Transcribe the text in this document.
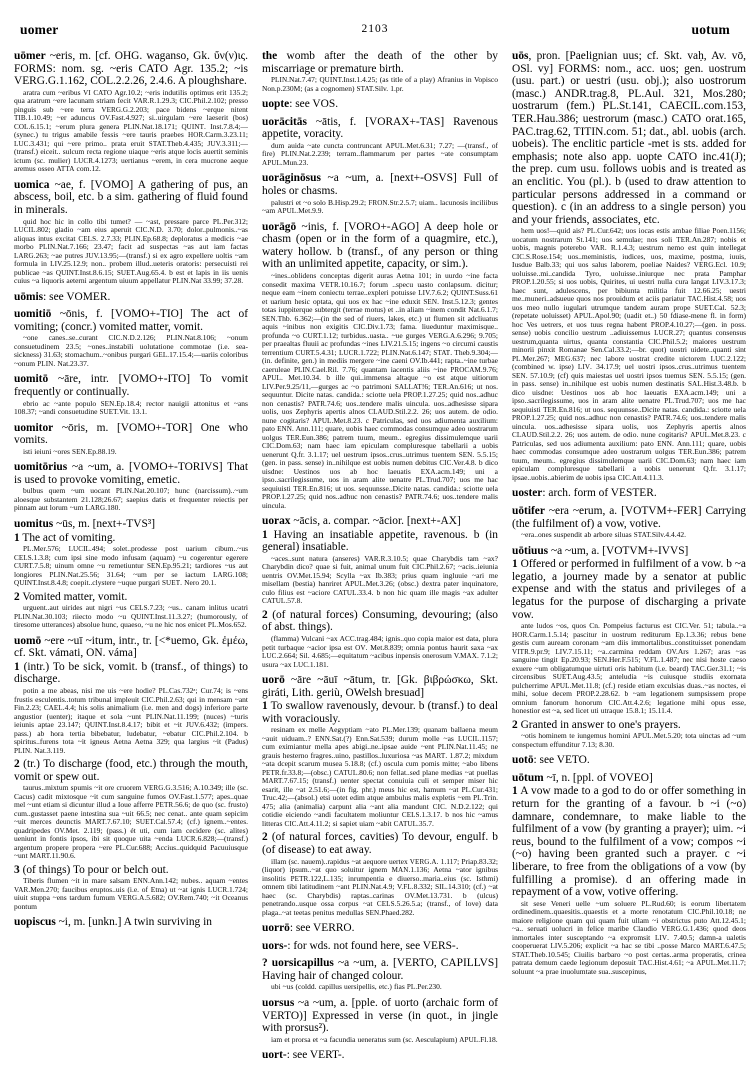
uomer	2103	uotum

uōmer ~eris, m. [cf. OHG. waganso, Gk. ὔν(ν)ις. FORMS: nom. sg. ~eris CATO Agr. 135.2; ~is VERG.G.1.162, COL.2.2.26, 2.4.6. A ploughshare.

aratra cum ~eribus VI CATO Agr.10.2; ~eris indutilis optimus erit 135.2; qua aratrum ~ere lacunam striam fecit VAR.R.1.29.3; CIC.Phil.2.102; presso pinguis sub ~ere terra VERG.G.2.203; pace bidens ~erque nitent TIB.1.10.49; ~er aduncus OV.Fast.4.927; si..uirgulam ~ere laeserit (bos) COL.6.15.1; ~erum plura genera PLIN.Nat.18.171; QUINT. Inst.7.8.4;—(synec.) tu trigus amabile fessis ~ere tauris praebes HOR.Carm.3.23.11; LUC.3.431; qui ~ere primo.. prata eruit STAT.Theb.4.435; JUV.3.311;—(transf.) eiceit.. sulcum recta regione uiaque ~eris atque locis auertit seminis ictum (sc. mulier) LUCR.4.1273; uertianus ~erem, in cera mucrone aeque aremus osseo ATTA com.12.

uomica ~ae, f. [VOMO] A gathering of pus, an abscess, boil, etc. b a sim. gathering of fluid found in minerals.

quid hoc hic in collo tibi tumet? — ~ast, pressare parce PL.Per.312; LUCIL.802; gladio ~am eius aperuit CIC.N.D. 3.70; dolor..pulmonis..~as aliquas intus excitat CELS. 2.7.33; PLIN.Ep.68.8; deploratus a medicis ~ae morbo PLIN.Nat.7.166; 23.47; facit ad suspectas ~as aut iam factas LARG.263; ~ae putres JUV.13.95;—(transf.) si ex agro expellere uoltis ~am formula in LIV.25.12.9; non.. probem illud..ueteris oratoris: persecuisti rei publicae ~as QUINT.Inst.8.6.15; SUET.Aug.65.4. b est et lapis in iis uenis cuius ~a liquoris aeterni argentum uiuum appellatur PLIN.Nat 33.99; 37.28.

uōmis: see VOMER.

uomitiō ~ōnis, f. [VOMO+-TIO] The act of vomiting; (concr.) vomited matter, vomit.

~one canes..se..curant CIC.N.D.2.126; PLIN.Nat.8.106; ~onum consuetudinem 23.5; ~ones..instabili uolutatione commotae (i.e. sea-sickness) 31.63; stomachum..~onibus purgari GEL.17.15.4;—uariis coloribus ~onum PLIN. Nat.23.37.

uomitō ~āre, intr. [VOMO+-ITO] To vomit frequently or continually.

ebrio ac ~ante populo SEN.Ep.18.4; rector nauigii attonitus et ~ans 108.37; ~andi consuetudine SUET.Vit. 13.1.

uomitor ~ōris, m. [VOMO+-TOR] One who vomits.

isti ieiuni ~ores SEN.Ep.88.19.

uomitōrius ~a ~um, a. [VOMO+-TORIVS] That is used to provoke vomiting, emetic.

bulbus quem ~um uocant PLIN.Nat.20.107; hunc (narcissum)..~um aloesque substantem 21.128;26.67; saepius datis et frequenter reiectis per pinnam aut lorum ~um LARG.180.

uomitus ~ūs, m. [next+-TVS³]

1 The act of vomiting.

PL.Mer.576; LUCIL.494; solet..prodesse post uarium cibum..~us CELS.1.3.8; cum ipsi sine modo infusam (aquam) ~u cogerentur egerere CURT.7.5.8; uinum omne ~u remetiuntur SEN.Ep.95.21; tardiores ~us aut longiores PLIN.Nat.25.56; 31.64; ~um per se iactum LARG.108; QUINT.Inst.8.4.8; coepit..clystere ~uque purgari SUET. Nero 20.1.

2 Vomited matter, vomit.

urguent..aut uirides aut nigri ~us CELS.7.23; ~us.. canam inlitus ucatri PLIN.Nat.30.103; riiecto modo ~u QUINT.Inst.11.3.27; (humorously, of tiresome utterances) absolue hunc, quaeso, ~u ne hic nos enicet PL.Mos.652.

uomō ~ere ~uī ~itum, intr., tr. [<*uemo, Gk. ἐμέω, cf. Skt. vámati, ON. váma]

1 (intr.) To be sick, vomit. b (transf., of things) to discharge.

potin a me abeas, nisi me uis ~ere hodie? PL.Cas.732ᵃ; Cur.74; is ~ens frustis esculentis..totum tribunal impleuit CIC.Phil.2.63; qui in mensam ~ant Fin.2.23; CAEL.4.4; his solis animalium (i.e. men and dogs) inferiore parte angustior (uenter); itaque et sola ~unt PLIN.Nat.11.199; (nuces) ~turis ieiunis aptae 23.147; QUINT.Inst.8.4.17; bibit et ~it JUV.6.432; (impers. pass.) ab hora tertia bibebatur, ludebatur, ~ebatur CIC.Phil.2.104. b spiritus..furens tota ~it igneus Aetna Aetna 329; qua largius ~it (Padus) PLIN. Nat.3.119.

2 (tr.) To discharge (food, etc.) through the mouth, vomit or spew out.

taurus..mixtum spumis ~it ore cruorem VERG.G.3.516; A.10.349; ille (sc. Cacus) cadit mixtosque ~it cum sanguine fumos OV.Fast.1.577; apes..quae mel ~unt etiam si dicuntur illud a Ioue afferre PETR.56.6; de quo (sc. frusto) cum..gustasset paene intestina sua ~uit 66.5; nec cenat.. ante quam sepicim ~uit merces deunctis MART.7.67.10; SUET.Cal.57.4; (cf.) ignem..~entes. quadripedes OV.Met. 2.119; (pass.) ét uti, cum iam cecidere (sc. alites) ueniunt in fontis ipsos, ibi sit quoque uita ~enda LUCR.6.828;—(transf.) argentum propere propera ~ere PL.Cur.688; Accius..quidquid Pacuuiusque ~unt MART.11.90.6.

3 (of things) To pour or belch out.

Tiberis flumen ~it in mare salsam ENN.Ann.142; nubes.. aquam ~entes VAR.Men.270; faucibus eruptos..uis (i.e. of Etna) ut ~at ignis LUCR.1.724; uiuit stuppa ~ens tardum fumum VERG.A.5.682; OV.Rem.740; ~it Oceanus pontum

uopiscus ~i, m. [unkn.] A twin surviving in

the womb after the death of the other by miscarriage or premature birth.

PLIN.Nat.7.47; QUINT.Inst.1.4.25; (as title of a play) Afranius in Vopisco Non.p.230M; (as a cognomen) STAT.Silv. 1.pr.

uopte: see VOS.

uorācitās ~ātis, f. [VORAX+-TAS] Ravenous appetite, voracity.

dum auida ~ate cuncta contruncant APUL.Met.6.31; 7.27; —(transf., of fire) PLIN.Nat.2.239; terram..flammarum per partes ~ate consumptam APUL.Mun.23.

uorāginōsus ~a ~um, a. [next+-OSVS] Full of holes or chasms.

palustri et ~o solo B.Hisp.29.2; FRON.Str.2.5.7; uiam.. lacunosis inciliibus ~am APUL.Met.9.9.

uorāgō ~inis, f. [VORO+-AGO] A deep hole or chasm (open or in the form of a quagmire, etc.), watery hollow. b (transf., of any person or thing with an unlimited appetite, capacity, or sim.).

~ines..oblidens conceptas digerit auras Aetna 101; in uurdo ~ine facta consedit maxima VETR.10.16.7; forum ..specu uasto conlapsum. dicitur; neque eam ~inem coniectu terrae..expleri potuisse LIV.7.6.2; QUINT.Suss.61 et uarium hesic optata, qui uos ex hac ~ine eduxit SEN. Inst.5.12.3; gentes totas iuppiterque subtergit (terrae motus) et ..in aliam ~inem condit Nat.6.1.7; SEN.Thb. 6.362;—(in the sed of riuers, lakes, etc.) ut flumen sit adcliuatus aquis ~inibus non exigitis CIC.Div.1.73; fama. liueduntur maximisque.. profunda ~o CURT.1.12; turbidus..uasta.. ~ue gurges VERG.A.6.296; 9.705; per praealtas fluuii ac profundas ~ines LIV.21.5.15; ingens ~o circumi caustis terrentium CURT.5.4.31; LUCR.1.722; PLIN.Nat.6.147; STAT. Theb.9.304;—(in. definite, gen.) in mediis mergere ~ine caeni OV.Ib.441; rapta..~ine turbae caeruleae PLIN.Cael.Ril. 7.76; quantam iacentis aliis ~ine PROCAM.9.76; APUL. Met.10.34. b ille qui..immensa altaque ~o est atque uitiorum LIV.Per.9.25/11,—gurges ac ~o patrimoni SALLAT!6; TER.An.616; ut nos. sequuntur. Dicite natas. candida.: sciotte uela PROP.1.27.25; quid nos..adhuc non cenastis? PATR.74.6; uos..tendere malis uincula. uos..adhesisse sipara uolis, uos Zephyris apertis alnos CLAUD.Stil.2.2. 26; uos autem. de odio. nune cogitaris? APUL.Met.8.23. c Patriculas, sed uos adiumenta auxilium: pato ENN. Ann.111; quare, uobis haec commodas consumque adeo uostrarum uolgus TER.Eun.386; patrem tuum, meum.. egregius dissimulemque uarii CIC.Dom.63; nam haec iam epiculam compluresque tabellarii a uobis uenerunt Q.fr. 3.1.17; uel uestrum ipsos..crus..utrimus tuentem SEN. 5.5.15; (gen. in pass. sense) in..nihilque est uobis numen debitus CIC.Ver.4.8. b dico uisdne: Uestinos uos ab hoc laeuatis EXA.acm.149; uni a ipso..sacrilegissume, uos in aram alite uenatre PL.Trud.707; uos me hac sequiuisti TER.En.816; ut uos. sequunsse..Dicite natas. candida.: sciotte uela PROP.1.27.25; quid nos..adhuc non cenastis? PATR.74.6; uos..tendere malis uincula.

uorax ~ācis, a. compar. ~ācior. [next+-AX]

1 Having an insatiable appetite, ravenous. b (in general) insatiable.

~aces..sunt natura (anseres) VAR.R.3.10.5; quae Charybdis tam ~ax? Charybdin dico? quae si fuit, animal unum fuit CIC.Phil.2.67; ~acis..ieiunia uentris OV.Met.15.94; Scylla ~ax Ib.383; prius quam ingluuie ~ari me misellam (bestia) hanriret APUL.Met.3.26; (obsc.) dextra pater inquinatore, culo filius est ~aciore CATUL.33.4. b non hic quam ille magis ~ax adulter CATUL.57.8.

2 (of natural forces) Consuming, devouring; (also of abst. things).

(flamma) Vulcani ~ax ACC.trag.484; ignis..quo copia maior est data, plura petit turbaque ~acior ipsa est OV. Met.8.839; omnia pontus haurit saxa ~ax LUC.2.664; Sil. 4.685;—equitatum ~acibus inpensis onerosum V.MAX. 7.1.2; usura ~ax LUC.1.181.

uorō ~āre ~āuī ~ātum, tr. [Gk. βιβρώσκω, Skt. giráti, Lith. geriù, OWelsh bresuad]

1 To swallow ravenously, devour. b (transf.) to deal with voraciously.

resinam ex melle Aegyptiam ~ato PL.Mer.139; quanam ballaena meum ~auit uiduam..? ENN.Sat.(?) Enn.Sat.539; durum molle ~as LUCIL.1157; cum eximiantur mella apes abigi..ne..ipsae auide ~ent PLIN.Nat.11.45; ne grauis hesterno fragres..uino, pastillos..luxuriosa ~as MART. 1.87.2; mixdum ~ata dcepit scarum musea 5.18.8; (cf.) oscula cum pomis mitte; ~abo libens PETR.fr.33.8;—(obsc.) CATUL.80.6; non fellat..sed plane medias ~at puellas MART.7.67.15; (transf.) uenter spectat conuiuia culi et semper miser hic esarit, ille ~at 2.51.6;—(in fig. phr.) meus hic est, hamum ~at PL.Cur.431; Truc.42;—(absol.) etsi uotet edim atque ambulus malis expletis ~em PL.Trin. 475; alia (animalia) carpunt alia ~ant alia mandunt CIC. N.D.2.122; qui cotidie eiciendo ~andi facultatem moliuntur CELS.1.3.17. b nos hic ~amus litteras CIC.Att.4.11.2; si sapiet uiam ~abit CATUL.35.7.

2 (of natural forces, cavities) To devour, engulf. b (of disease) to eat away.

illam (sc. nauem)..rapidus ~at aequore uertex VERG.A. 1.117; Priap.83.32; (liquor) ipsum..~at quo soluitur ignem MAN.1.136; Aetna ~ator ignibus insolitis PETR.122,L.135; inrumpentia e diuerso..maria..eius (sc. Isthmi) omnem tibi latitudinem ~ant PLIN.Nat.4.9; V.FL.8.332; SIL.14.310; (cf.) ~at haec (sc. Charybdis) raptas..carinas OV.Met.13.731. b (ulcus) penetrando..usque ossa corpus ~at CELS.5.26.5.a; (transf., of love) data plaga..~at teetas penitus medullas SEN.Phaed.282.

uorrō: see VERRO.

uors-: for wds. not found here, see VERS-.

? uorsicapillus ~a ~um, a. [VERTO, CAPILLVS] Having hair of changed colour.

ubi ~us (coldd. capillus uersipellis, etc.) fias PL.Per.230.

uorsus ~a ~um, a. [pple. of uorto (archaic form of VERTO)] Expressed in verse (in quot., in jingle with prorsus²).

iam et prorsa et ~a facundia ueneratus sum (sc. Aesculapium) APUL.Fl.18.

uort-: see VERT-.

uōs, pron. [Paelignian uus; cf. Skt. vaḥ, Av. vō, OSl. vy] FORMS: nom., acc. uos; gen. uostrum (usu. part.) or uestri (usu. obj.); also uostrorum (masc.) ANDR.trag.8, PL.Aul. 321, Mos.280; uostrarum (fem.) PL.St.141, CAECIL.com.153, TER.Hau.386; uestrorum (masc.) CATO orat.165, PAC.trag.62, TITIN.com. 51; dat., abl. uobis (arch. uobeis). The enclitic particle -met is sts. added for emphasis; note also app. uopte CATO inc.41(J); the prep. cum usu. follows uobis and is treated as an enclitic. You (pl.). b (used to draw attention to particular persons addressed in a command or question). c (in an address to a single person) you and your friends, associates, etc.

hem uos!—quid ais? PL.Cur.642; uos iocas estis ambae filiae Poen.1156; uocatum nostrarum St.141; uos semulae; nos soli TER.An.287; nobis et uobis, magnis poterebo VAR. R.1.4.3; uestrum nemo est quin intellegat CIC.S.Rose.154; uos..meministis, iudices, uos, maxime, postma, iuuis, Iusdue Balb.33; qui uos salus laborem, poeliae Naides? VERG.Ecl. 10.9; uoluisse..mi..candida Tyro, uoluisse..iniurque nec prata Pamphar PROP.1.20.55; si uos uobis, Quirites, ui uestri nulla cura langat LIV.3.17.3; haec sunt, adulescens, per bibiunta militia fuit 12.66.25; uestri me..muneri..adsueue quos nos prouidum et aciis pariatur TAC.Hist.4.58; uos uos meo nullo iugulari utrumque tandem auram prope SUET.Cal. 52.3; (repetate uoluisset) APUL.Apol.90; (uadit et..) 50 fdiase-mene fl. in form) hoc Ves uetrers, et uos tuus regna habent PROP.4.10.27;—(gen. in poss. sense) uobis concilio uestrum ..adiuissemus LUCR.27; quantus consensus uestrum,quanta uirtus, quanta constantia CIC.Phil.5.2; maiores uestrum minorii pinxit Romanae Sen.Cal.33.2;—br. quot) uostri uidete..quanti sint PL.Mer.267; MEG.637; nec labore uostrat credite uictorem LUC.2.122; (combined w. ipse) LIV. 34.17.9; uel uostri ipsos..crus..utrimus tuentem SEN. 57.10.9; (cf) quis maiestas uel uostri ipsos tuemus SEN. 5.5.15; (gen. in pass. sense) in..nihilque est uobis numen destinatis SAL.Hist.3.48.b. b dico uisdne: Uestinos uos ab hoc laeuatis EXA.acm.149; uni a ipso..sacrilegissume, uos in aram alite uenatre PL.Trud.707; uos me hac sequiuisti TER.En.816; ut uos. sequunsse..Dicite natas. candida.: sciotte uela PROP.1.27.25; quid nos..adhuc non cenastis? PATR.74.6; uos..tendere malis uincula. uos..adhesisse sipara uolis, uos Zephyris apertis alnos CLAUD.Stil.2.2. 26; uos autem. de odio. nune cogitaris? APUL.Met.8.23. c Patriculas, sed uos adiumenta auxilium: pato ENN. Ann.111; quare, uobis haec commodas consumque adeo uostrarum uolgus TER.Eun.386; patrem tuum, meum.. egregius dissimulemque uarii CIC.Dom.63; nam haec iam epiculam compluresque tabellarii a uobis uenerunt Q.fr. 3.1.17; ipsae..uobis..abierim de uobis ipsa CIC.Att.4.11.3.

uoster: arch. form of VESTER.

uōtifer ~era ~erum, a. [VOTVM+-FER] Carrying (the fulfilment of) a vow, votive.

~era..ones suspendit ab arbore siluas STAT.Silv.4.4.42.

uōtiuus ~a ~um, a. [VOTVM+-IVVS]

1 Offered or performed in fulfilment of a vow. b ~a legatio, a journey made by a senator at public expense and with the status and privileges of a legatus for the purpose of discharging a private vow.

ante ludos ~os, quos Cn. Pompeius facturus est CIC.Ver. 51; tabula..~a HOR.Carm.1.5.14; pascitur in uostrum rediturum Ep.1.3.36; rebus bene gestis cum auream coronam ~am diis immortalibus..constituisset ponendam VITR.9.pr.9; LIV.7.15.11; ~a..carmina reddam OV.Ars 1.267; aras ~as sanguine tingit Ep.20.93; SEN.Her.F.515; V.FL.1.487; nec nisi hoste caeso exuere ~um obligatumque uirtuti oris habitum (i.e. beard) TAC.Ger.31.1; ~is circensibus SUET.Aug.43.5; anteludia ~is cuiusque studiis exornata pulcherrime APUL.Met.11.8; (cf.) reside etiam exculsias duas..~as noctes, ei mihi, solue decem PROP.2.28.62. b ~am legationem sumpsissem prope omnium fanorum honorum CIC.Att.4.2.6; legatione mihi opus esse, honestior est ~a, sed licet uti utraque 15.8.1; 15.11.4.

2 Granted in answer to one's prayers.

~otis hominem te iungemus homini APUL.Met.5.20; tota uinctas ad ~um conspectum effunditur 7.13; 8.30.

uotō: see VETO.

uōtum ~ī, n. [ppl. of VOVEO]

1 A vow made to a god to do or offer something in return for the granting of a favour. b ~i (~o) damnare, condemnare, to make liable to the fulfilment of a vow (by granting a prayer); uim. ~i reus, bound to the fulfilment of a vow; compos ~i (~o) having been granted such a prayer. c ~i liberare, to free from the obligations of a vow (by fulfilling a promise). d an offering made in repayment of a vow, votive offering.

sit sese Veneri uelle ~um soluere PL.Rud.60; is eorum libertatem ordinedinem..quaesitis..quaestis et a morte renotatum CIC.Phil.10.18; ne maiore religione quam qui quam fuit ullam ~i obstrictus puto Att.12.45.1; ~a.. seruati uolucri in felice maribe Claudio VERG.G.1.436; quod deos inmortales inter susceptando ~a expromsit LIV. 7.40.5; damn-a ualetis cooperuerat LIV.5.206; explicit ~a hac se tibi ..posse Marco MART.6.47.5; STAT.Theb.10.545; Ciuilis barbaro ~o post certas..arma properatis, crinea patrata demum caede legionum deposuit TAC.Hist.4.61; ~a APUL.Met.11.7; soluunt ~a prae inuolumtate sua..suscepinus,
